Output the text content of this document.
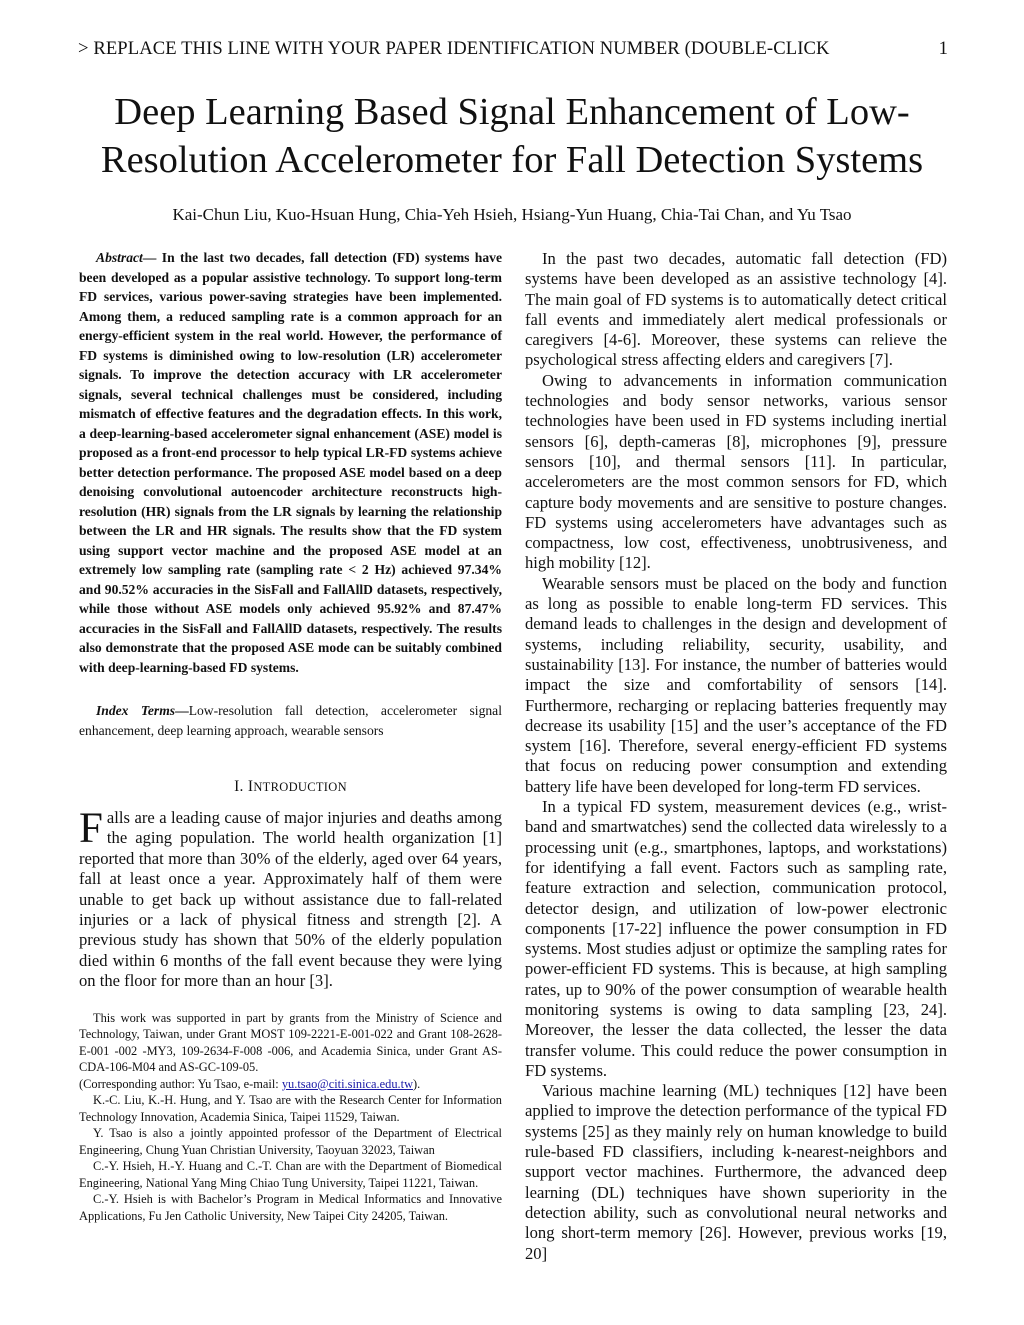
> REPLACE THIS LINE WITH YOUR PAPER IDENTIFICATION NUMBER (DOUBLE-CLICK	1
Deep Learning Based Signal Enhancement of Low-Resolution Accelerometer for Fall Detection Systems
Kai-Chun Liu, Kuo-Hsuan Hung, Chia-Yeh Hsieh, Hsiang-Yun Huang, Chia-Tai Chan, and Yu Tsao

Abstract— In the last two decades, fall detection (FD) systems have been developed as a popular assistive technology. To support long-term FD services, various power-saving strategies have been implemented. Among them, a reduced sampling rate is a common approach for an energy-efficient system in the real world. However, the performance of FD systems is diminished owing to low-resolution (LR) accelerometer signals. To improve the detection accuracy with LR accelerometer signals, several technical challenges must be considered, including mismatch of effective features and the degradation effects. In this work, a deep-learning-based accelerometer signal enhancement (ASE) model is proposed as a front-end processor to help typical LR-FD systems achieve better detection performance. The proposed ASE model based on a deep denoising convolutional autoencoder architecture reconstructs high-resolution (HR) signals from the LR signals by learning the relationship between the LR and HR signals. The results show that the FD system using support vector machine and the proposed ASE model at an extremely low sampling rate (sampling rate < 2 Hz) achieved 97.34% and 90.52% accuracies in the SisFall and FallAllD datasets, respectively, while those without ASE models only achieved 95.92% and 87.47% accuracies in the SisFall and FallAllD datasets, respectively. The results also demonstrate that the proposed ASE mode can be suitably combined with deep-learning-based FD systems.

Index Terms—Low-resolution fall detection, accelerometer signal enhancement, deep learning approach, wearable sensors

I. INTRODUCTION

Falls are a leading cause of major injuries and deaths among the aging population. The world health organization [1] reported that more than 30% of the elderly, aged over 64 years, fall at least once a year. Approximately half of them were unable to get back up without assistance due to fall-related injuries or a lack of physical fitness and strength [2]. A previous study has shown that 50% of the elderly population died within 6 months of the fall event because they were lying on the floor for more than an hour [3].

This work was supported in part by grants from the Ministry of Science and Technology, Taiwan, under Grant MOST 109-2221-E-001-022 and Grant 108-2628-E-001 -002 -MY3, 109-2634-F-008 -006, and Academia Sinica, under Grant AS-CDA-106-M04 and AS-GC-109-05.

(Corresponding author: Yu Tsao, e-mail: yu.tsao@citi.sinica.edu.tw).

K.-C. Liu, K.-H. Hung, and Y. Tsao are with the Research Center for Information Technology Innovation, Academia Sinica, Taipei 11529, Taiwan.

Y. Tsao is also a jointly appointed professor of the Department of Electrical Engineering, Chung Yuan Christian University, Taoyuan 32023, Taiwan

C.-Y. Hsieh, H.-Y. Huang and C.-T. Chan are with the Department of Biomedical Engineering, National Yang Ming Chiao Tung University, Taipei 11221, Taiwan.

C.-Y. Hsieh is with Bachelor’s Program in Medical Informatics and Innovative Applications, Fu Jen Catholic University, New Taipei City 24205, Taiwan.

In the past two decades, automatic fall detection (FD) systems have been developed as an assistive technology [4]. The main goal of FD systems is to automatically detect critical fall events and immediately alert medical professionals or caregivers [4-6]. Moreover, these systems can relieve the psychological stress affecting elders and caregivers [7].

Owing to advancements in information communication technologies and body sensor networks, various sensor technologies have been used in FD systems including inertial sensors [6], depth-cameras [8], microphones [9], pressure sensors [10], and thermal sensors [11]. In particular, accelerometers are the most common sensors for FD, which capture body movements and are sensitive to posture changes. FD systems using accelerometers have advantages such as compactness, low cost, effectiveness, unobtrusiveness, and high mobility [12].

Wearable sensors must be placed on the body and function as long as possible to enable long-term FD services. This demand leads to challenges in the design and development of systems, including reliability, security, usability, and sustainability [13]. For instance, the number of batteries would impact the size and comfortability of sensors [14]. Furthermore, recharging or replacing batteries frequently may decrease its usability [15] and the user’s acceptance of the FD system [16]. Therefore, several energy-efficient FD systems that focus on reducing power consumption and extending battery life have been developed for long-term FD services.

In a typical FD system, measurement devices (e.g., wrist-band and smartwatches) send the collected data wirelessly to a processing unit (e.g., smartphones, laptops, and workstations) for identifying a fall event. Factors such as sampling rate, feature extraction and selection, communication protocol, detector design, and utilization of low-power electronic components [17-22] influence the power consumption in FD systems. Most studies adjust or optimize the sampling rates for power-efficient FD systems. This is because, at high sampling rates, up to 90% of the power consumption of wearable health monitoring systems is owing to data sampling [23, 24]. Moreover, the lesser the data collected, the lesser the data transfer volume. This could reduce the power consumption in FD systems.

Various machine learning (ML) techniques [12] have been applied to improve the detection performance of the typical FD systems [25] as they mainly rely on human knowledge to build rule-based FD classifiers, including k-nearest-neighbors and support vector machines. Furthermore, the advanced deep learning (DL) techniques have shown superiority in the detection ability, such as convolutional neural networks and long short-term memory [26]. However, previous works [19, 20]
